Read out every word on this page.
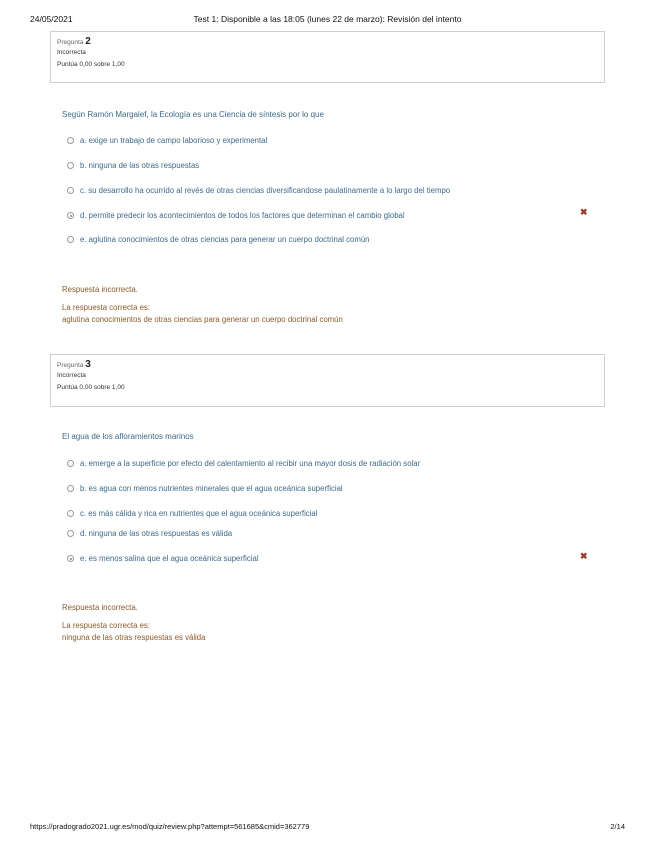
24/05/2021	Test 1: Disponible a las 18:05 (lunes 22 de marzo): Revisión del intento
Pregunta 2
Incorrecta
Puntúa 0,00 sobre 1,00
Según Ramón Margalef, la Ecología es una Ciencia de síntesis por lo que
a. exige un trabajo de campo laborioso y experimental
b. ninguna de las otras respuestas
c. su desarrollo ha ocurrido al revés de otras ciencias diversificandose paulatinamente a lo largo del tiempo
d. permite predecir los acontecimientos de todos los factores que determinan el cambio global	✖
e. aglutina conocimientos de otras ciencias para generar un cuerpo doctrinal común
Respuesta incorrecta.
La respuesta correcta es:
aglutina conocimientos de otras ciencias para generar un cuerpo doctrinal común
Pregunta 3
Incorrecta
Puntúa 0,00 sobre 1,00
El agua de los afloramientos marinos
a. emerge a la superficie por efecto del calentamiento al recibir una mayor dosis de radiación solar
b. es agua con menos nutrientes minerales que el agua oceánica superficial
c. es más cálida y rica en nutrientes que el agua oceánica superficial
d. ninguna de las otras respuestas es válida
e. es menos salina que el agua oceánica superficial	✖
Respuesta incorrecta.
La respuesta correcta es:
ninguna de las otras respuestas es válida
https://pradogrado2021.ugr.es/mod/quiz/review.php?attempt=561685&cmid=362779	2/14
